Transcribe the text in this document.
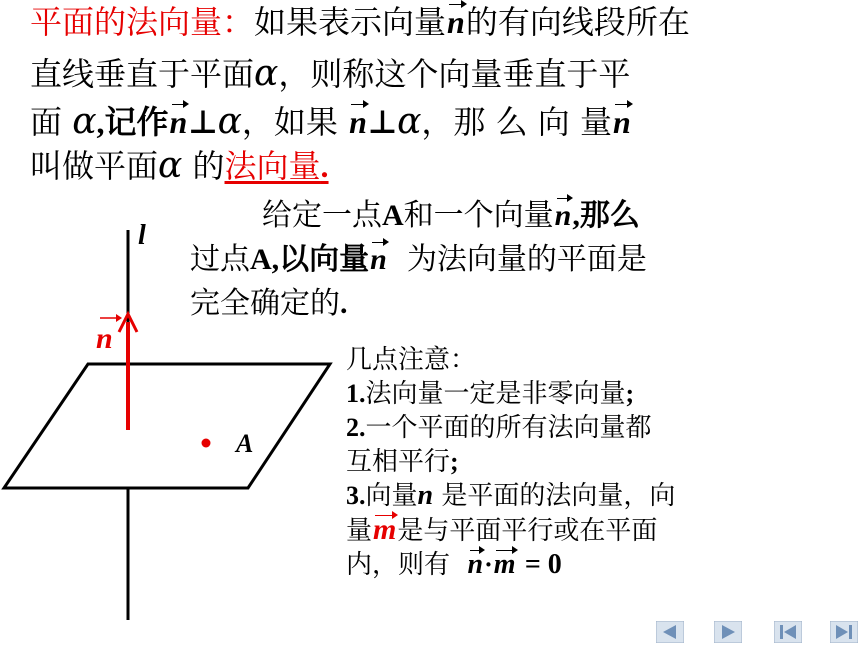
平面的法向量：如果表示向量n的有向线段所在
直线垂直于平面α，则称这个向量垂直于平
面 α,记作n⊥α，如果 n⊥α，那 么 向 量n
叫做平面α 的法向量.
给定一点A和一个向量n,那么
过点A,以向量n 为法向量的平面是
完全确定的.
几点注意：
1.法向量一定是非零向量;
2.一个平面的所有法向量都
互相平行;
3.向量n 是平面的法向量，向
量m是与平面平行或在平面
内，则有 n·m = 0
l
n
A
